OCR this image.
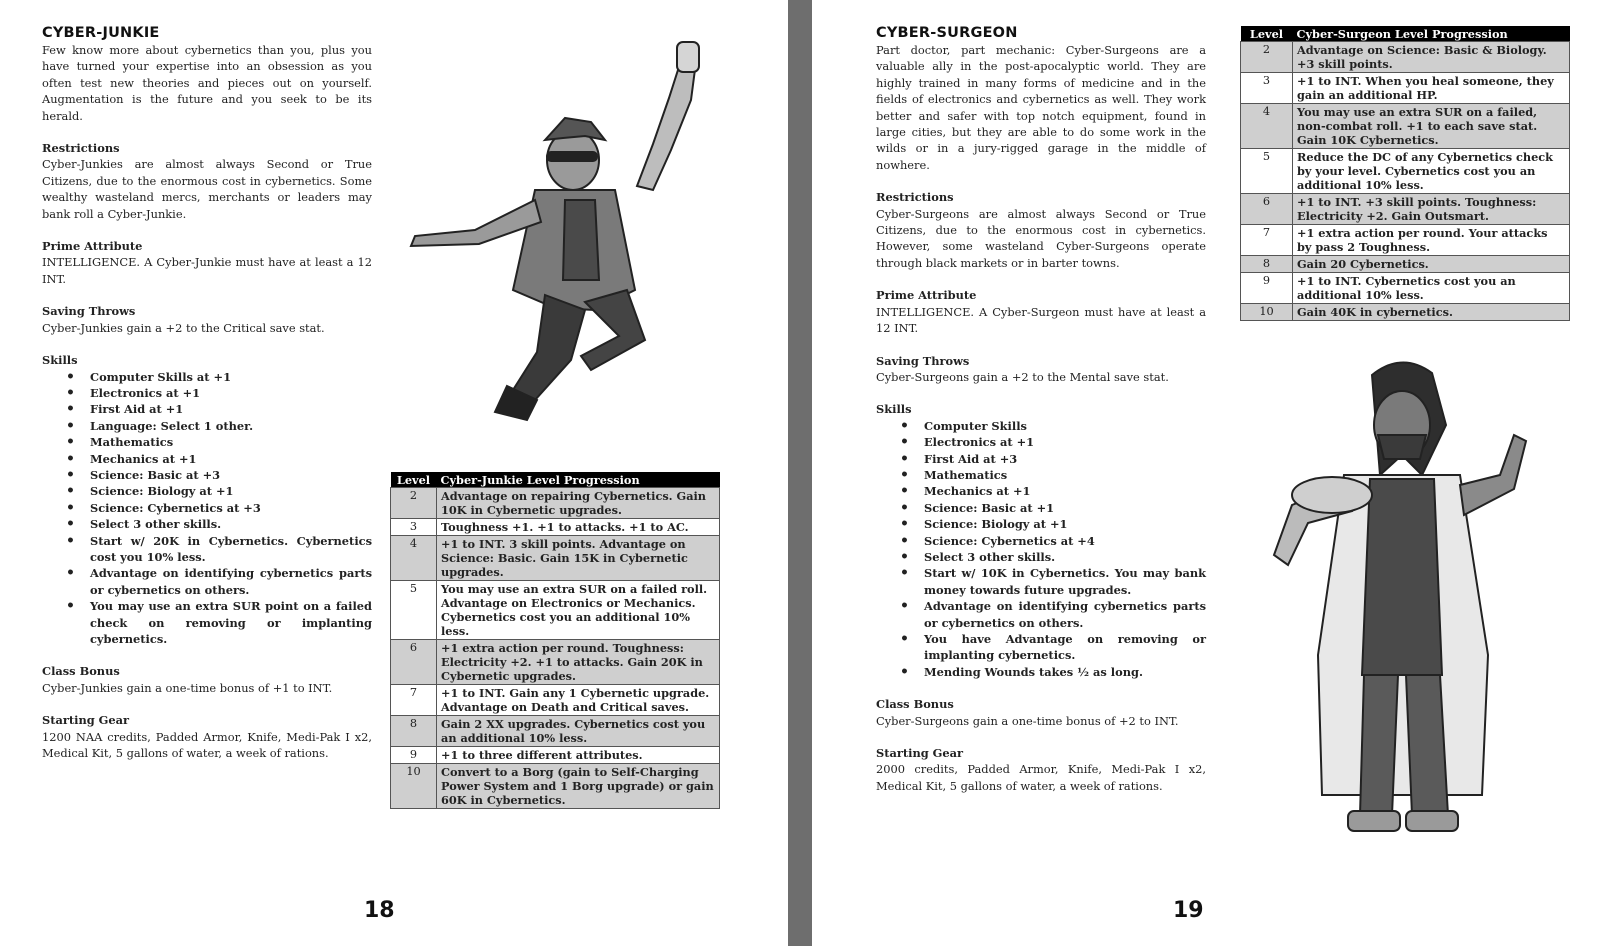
CYBER-JUNKIE

Few know more about cybernetics than you, plus you have turned your expertise into an obsession as you often test new theories and pieces out on yourself. Augmentation is the future and you seek to be its herald.

Restrictions

Cyber-Junkies are almost always Second or True Citizens, due to the enormous cost in cybernetics. Some wealthy wasteland mercs, merchants or leaders may bank roll a Cyber-Junkie.

Prime Attribute

INTELLIGENCE. A Cyber-Junkie must have at least a 12 INT.

Saving Throws

Cyber-Junkies gain a +2 to the Critical save stat.

Skills

• Computer Skills at +1
• Electronics at +1
• First Aid at +1
• Language: Select 1 other.
• Mathematics
• Mechanics at +1
• Science: Basic at +3
• Science: Biology at +1
• Science: Cybernetics at +3
• Select 3 other skills.
• Start w/ 20K in Cybernetics. Cybernetics cost you 10% less.
• Advantage on identifying cybernetics parts or cybernetics on others.
• You may use an extra SUR point on a failed check on removing or implanting cybernetics.

Class Bonus

Cyber-Junkies gain a one-time bonus of +1 to INT.

Starting Gear

1200 NAA credits, Padded Armor, Knife, Medi-Pak I x2, Medical Kit, 5 gallons of water, a week of rations.

Level	Cyber-Junkie Level Progression
2	Advantage on repairing Cybernetics. Gain 10K in Cybernetic upgrades.
3	Toughness +1. +1 to attacks. +1 to AC.
4	+1 to INT. 3 skill points. Advantage on Science: Basic. Gain 15K in Cybernetic upgrades.
5	You may use an extra SUR on a failed roll. Advantage on Electronics or Mechanics. Cybernetics cost you an additional 10% less.
6	+1 extra action per round. Toughness: Electricity +2. +1 to attacks. Gain 20K in Cybernetic upgrades.
7	+1 to INT. Gain any 1 Cybernetic upgrade. Advantage on Death and Critical saves.
8	Gain 2 XX upgrades. Cybernetics cost you an additional 10% less.
9	+1 to three different attributes.
10	Convert to a Borg (gain to Self-Charging Power System and 1 Borg upgrade) or gain 60K in Cybernetics.
18
CYBER-SURGEON

Part doctor, part mechanic: Cyber-Surgeons are a valuable ally in the post-apocalyptic world. They are highly trained in many forms of medicine and in the fields of electronics and cybernetics as well. They work better and safer with top notch equipment, found in large cities, but they are able to do some work in the wilds or in a jury-rigged garage in the middle of nowhere.

Restrictions

Cyber-Surgeons are almost always Second or True Citizens, due to the enormous cost in cybernetics. However, some wasteland Cyber-Surgeons operate through black markets or in barter towns.

Prime Attribute

INTELLIGENCE. A Cyber-Surgeon must have at least a 12 INT.

Saving Throws

Cyber-Surgeons gain a +2 to the Mental save stat.

Skills

• Computer Skills
• Electronics at +1
• First Aid at +3
• Mathematics
• Mechanics at +1
• Science: Basic at +1
• Science: Biology at +1
• Science: Cybernetics at +4
• Select 3 other skills.
• Start w/ 10K in Cybernetics. You may bank money towards future upgrades.
• Advantage on identifying cybernetics parts or cybernetics on others.
• You have Advantage on removing or implanting cybernetics.
• Mending Wounds takes ½ as long.

Class Bonus

Cyber-Surgeons gain a one-time bonus of +2 to INT.

Starting Gear

2000 credits, Padded Armor, Knife, Medi-Pak I x2, Medical Kit, 5 gallons of water, a week of rations.

Level	Cyber-Surgeon Level Progression
2	Advantage on Science: Basic & Biology. +3 skill points.
3	+1 to INT. When you heal someone, they gain an additional HP.
4	You may use an extra SUR on a failed, non-combat roll. +1 to each save stat. Gain 10K Cybernetics.
5	Reduce the DC of any Cybernetics check by your level. Cybernetics cost you an additional 10% less.
6	+1 to INT. +3 skill points. Toughness: Electricity +2. Gain Outsmart.
7	+1 extra action per round. Your attacks by pass 2 Toughness.
8	Gain 20 Cybernetics.
9	+1 to INT. Cybernetics cost you an additional 10% less.
10	Gain 40K in cybernetics.
19
